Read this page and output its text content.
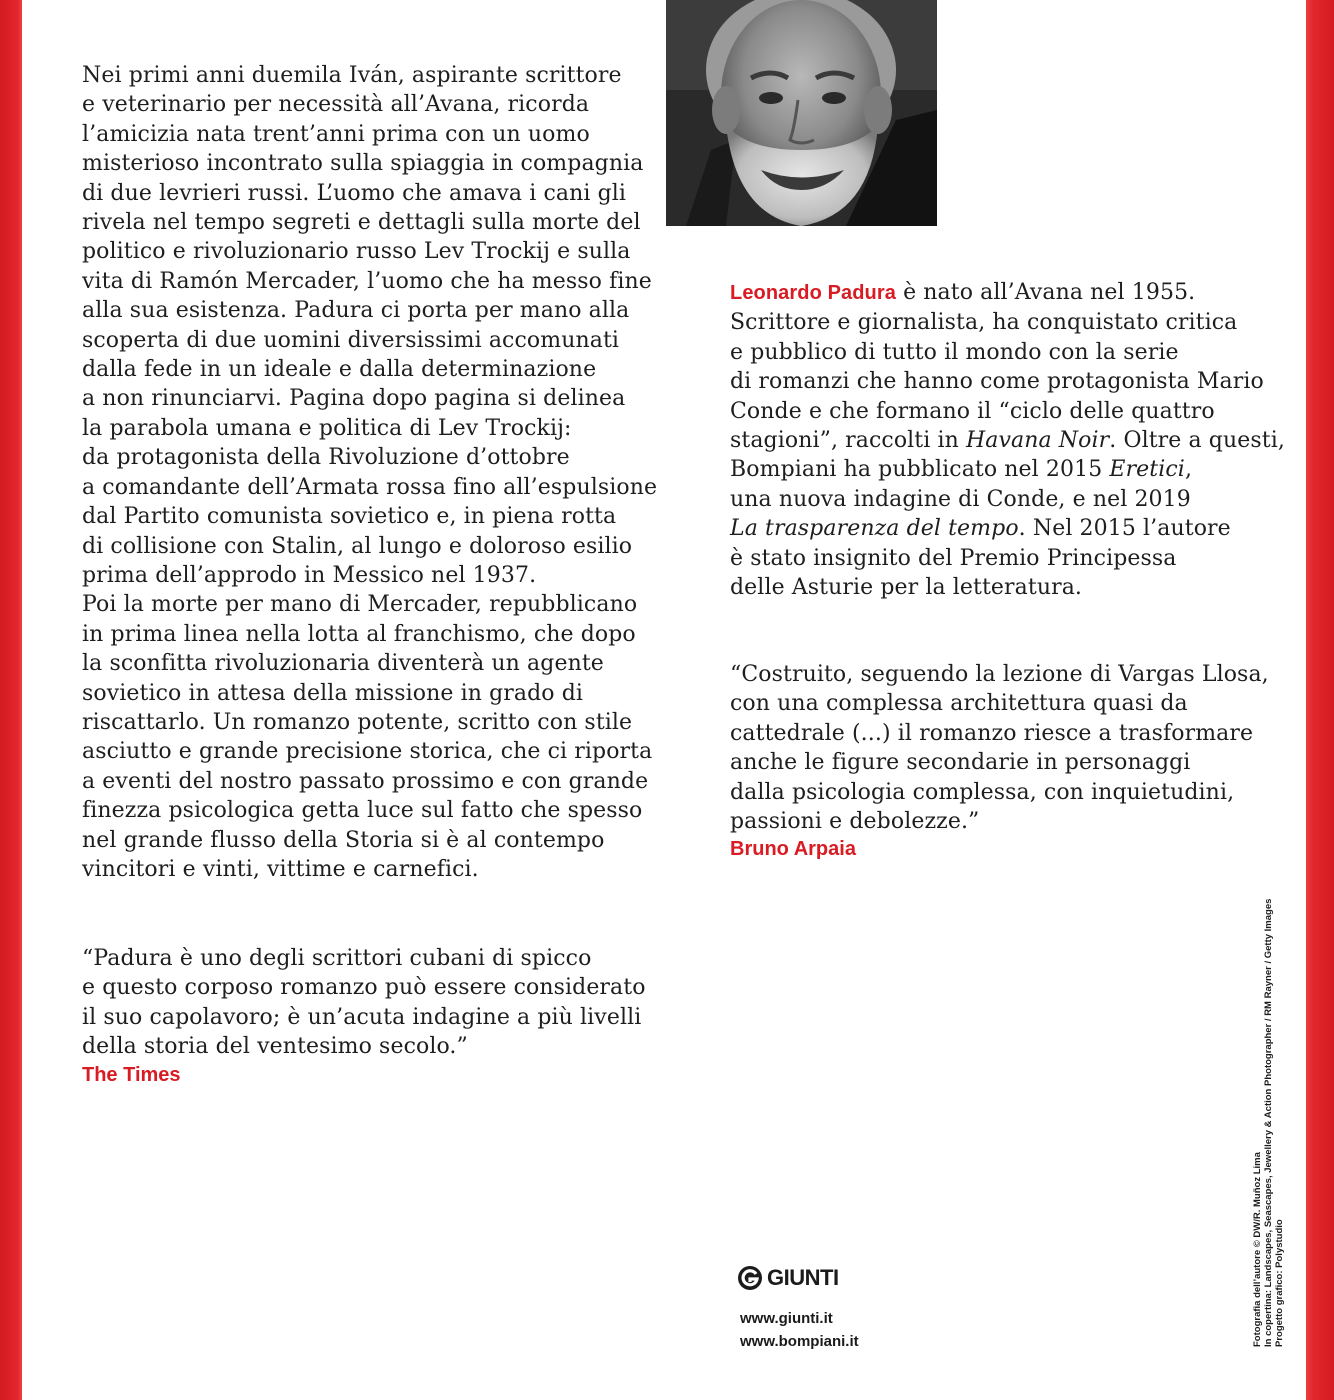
Nei primi anni duemila Iván, aspirante scrittore
e veterinario per necessità all’Avana, ricorda
l’amicizia nata trent’anni prima con un uomo
misterioso incontrato sulla spiaggia in compagnia
di due levrieri russi. L’uomo che amava i cani gli
rivela nel tempo segreti e dettagli sulla morte del
politico e rivoluzionario russo Lev Trockij e sulla
vita di Ramón Mercader, l’uomo che ha messo fine
alla sua esistenza. Padura ci porta per mano alla
scoperta di due uomini diversissimi accomunati
dalla fede in un ideale e dalla determinazione
a non rinunciarvi. Pagina dopo pagina si delinea
la parabola umana e politica di Lev Trockij:
da protagonista della Rivoluzione d’ottobre
a comandante dell’Armata rossa fino all’espulsione
dal Partito comunista sovietico e, in piena rotta
di collisione con Stalin, al lungo e doloroso esilio
prima dell’approdo in Messico nel 1937.
Poi la morte per mano di Mercader, repubblicano
in prima linea nella lotta al franchismo, che dopo
la sconfitta rivoluzionaria diventerà un agente
sovietico in attesa della missione in grado di
riscattarlo. Un romanzo potente, scritto con stile
asciutto e grande precisione storica, che ci riporta
a eventi del nostro passato prossimo e con grande
finezza psicologica getta luce sul fatto che spesso
nel grande flusso della Storia si è al contempo
vincitori e vinti, vittime e carnefici.

“Padura è uno degli scrittori cubani di spicco
e questo corposo romanzo può essere considerato
il suo capolavoro; è un’acuta indagine a più livelli
della storia del ventesimo secolo.”

The Times

Leonardo Padura è nato all’Avana nel 1955.
Scrittore e giornalista, ha conquistato critica
e pubblico di tutto il mondo con la serie
di romanzi che hanno come protagonista Mario
Conde e che formano il “ciclo delle quattro
stagioni”, raccolti in Havana Noir. Oltre a questi,
Bompiani ha pubblicato nel 2015 Eretici,
una nuova indagine di Conde, e nel 2019
La trasparenza del tempo. Nel 2015 l’autore
è stato insignito del Premio Principessa
delle Asturie per la letteratura.

“Costruito, seguendo la lezione di Vargas Llosa,
con una complessa architettura quasi da
cattedrale (...) il romanzo riesce a trasformare
anche le figure secondarie in personaggi
dalla psicologia complessa, con inquietudini,
passioni e debolezze.”

Bruno Arpaia
GIUNTI
www.giunti.it
www.bompiani.it	Fotografia dell’autore © DW/R. Muñoz Lima In copertina: Landscapes, Seascapes, Jewellery & Action Photographer / RM Rayner / Getty Images Progetto grafico: Polystudio
